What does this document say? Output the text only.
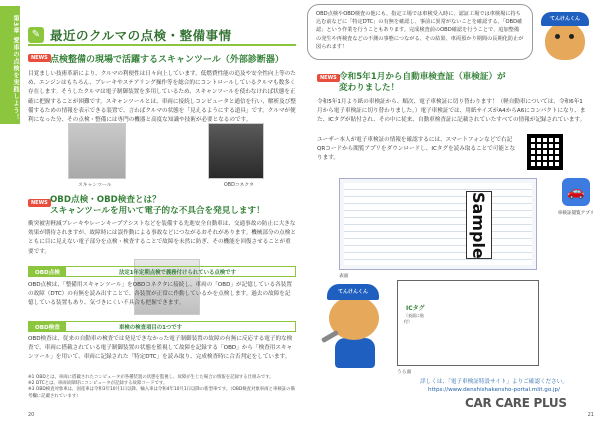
第3章 愛車の点検を実践しよう！	✎ 最近のクルマの点検・整備事情
NEWS 点検整備の現場で活躍するスキャンツール（外部診断器）
目覚ましい技術革新により、クルマの利便性は日々向上しています。低燃費性能の追及や安全性向上等のため、エンジンはもちろん、ブレーキやステアリング操作等を総合的にコントロールしているクルマも数多く存在します。そうしたクルマは電子制御装置を多用しているため、スキャンツールを使わなければ状態を正確に把握することが困難です。スキャンツールとは、車両に接続しコンピュータと通信を行い、解析及び整備するための情報を表示できる装置で、言わばクルマの状態を「見えるようにする道具」です。クルマが便利になった分、その点検・整備には専門の機器と高度な知識や技術が必要となるのです。
スキャンツール	OBDコネクタ
NEWS OBD点検・OBD検査とは？
スキャンツールを用いて電子的な不具合を発見します！
衝突被害軽減ブレーキやレーンキープアシストなどを装備する先進安全自動車は、交通事故の防止に大きな効果が期待されますが、故障時には誤作動による事故などにつながるおそれがあります。機械部分の点検とともに目に見えない電子部分を点検・検査することで故障を未然に防ぎ、その機能を回復させることが重要です。
OBD点検	法定1年定期点検で義務付けられている点検です
OBD点検は、「整備用スキャンツール」をOBDコネクタに接続し、車両の「OBD」が記憶している各装置の故障（DTC）の有無を読み出すことで、各装置が正常に作動しているかを点検します。過去の故障を記憶している装置もあり、気づきにくい不具合も把握できます。
OBD検査	車検の検査項目の1つです
OBD検査は、従来の自動車の検査では発見できなかった電子制御装置の故障の有無に反応する電子的な検査で、車両に搭載されている電子制御装置の状態を監視して故障を記録する「OBD」から「検査用スキャンツール」を用いて、車両に記録された「特定DTC」を読み取り、完成検査時に合否判定をしています。
※1 OBDとは、車両に搭載されたコンピュータが各種装置の状態を監視し、故障が生じた場合の情報を記録する仕組みです。
※2 DTCとは、車両故障時にコンピュータが記録する故障コードです。
※3 OBD検査対象車は、国産車は令和3年10月1日以降、輸入車は令和4年10月1日以降の新型車です。（OBD検査対象車両と車検証の備考欄に記載されています）
20
OBD点検やOBD検査の他にも、指定工場では車検受入時に、認証工場では車検場に持ち込む前などに「特定DTC」の有無を確認し、事前に異常がないことを確認する、「OBD確認」という作業を行うこともあります。完成検査前のOBD確認を行うことで、追加整備の発生や再検査などの不測の事態につながる、その結果、車両預かり期間の長期化防止が図られます！
てんけんくん
NEWS 令和5年1月から自動車検査証（車検証）が
変わりました！
令和5年1月より紙の車検証から、順次、電子車検証に切り替わります！（軽自動車については、令和6年1月から電子車検証に切り替わりました。）電子車検証では、用紙サイズがA4からA6にコンパクトになり、また、ICタグが貼付され、その中に従来、自動車検査証に記載されていたすべての情報が記録されています。
ユーザー本人が電子車検証の情報を確認するには、スマートフォンなどで右記QRコードから閲覧アプリをダウンロードし、ICタグを読み取ることで可能となります。
🚗
車検証閲覧アプリ
Sample
表面
ICタグ
（表面に貼付）
うら面
てんけんくん
詳しくは、「電子車検証特設サイト」よりご確認ください。
https://www.denshishakensho-portal.mlit.go.jp/
CAR CARE PLUS
21
